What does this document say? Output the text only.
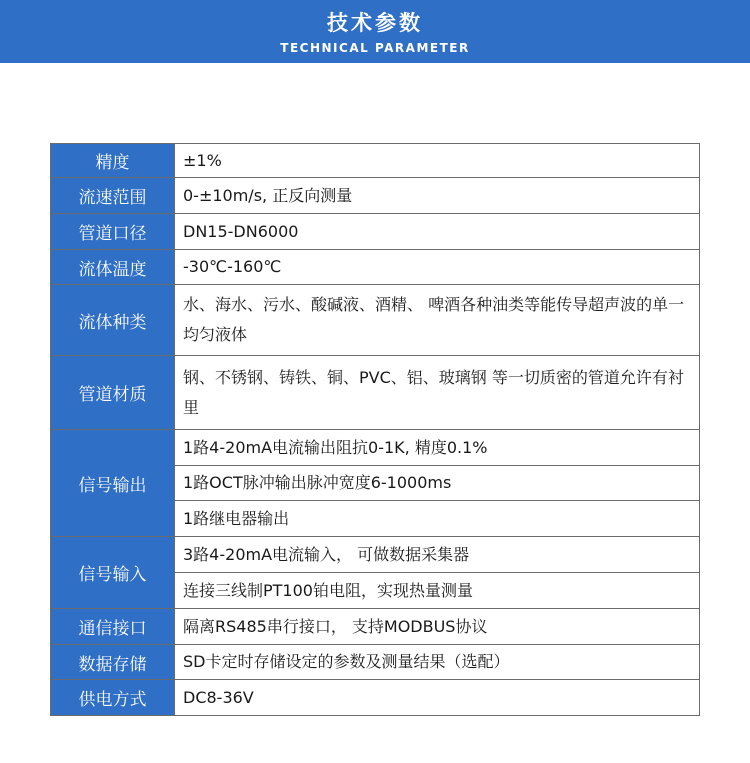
技术参数
TECHNICAL PARAMETER
精度	±1%
流速范围	0-±10m/s, 正反向测量
管道口径	DN15-DN6000
流体温度	-30℃-160℃
流体种类	水、海水、污水、酸碱液、酒精、 啤酒各种油类等能传导超声波的单一均匀液体
管道材质	钢、不锈钢、铸铁、铜、PVC、铝、玻璃钢 等一切质密的管道允许有衬里
信号输出	1路4-20mA电流输出阻抗0-1K, 精度0.1%
	1路OCT脉冲输出脉冲宽度6-1000ms
	1路继电器输出
信号输入	3路4-20mA电流输入， 可做数据采集器
	连接三线制PT100铂电阻，实现热量测量
通信接口	隔离RS485串行接口， 支持MODBUS协议
数据存储	SD卡定时存储设定的参数及测量结果（选配）
供电方式	DC8-36V
